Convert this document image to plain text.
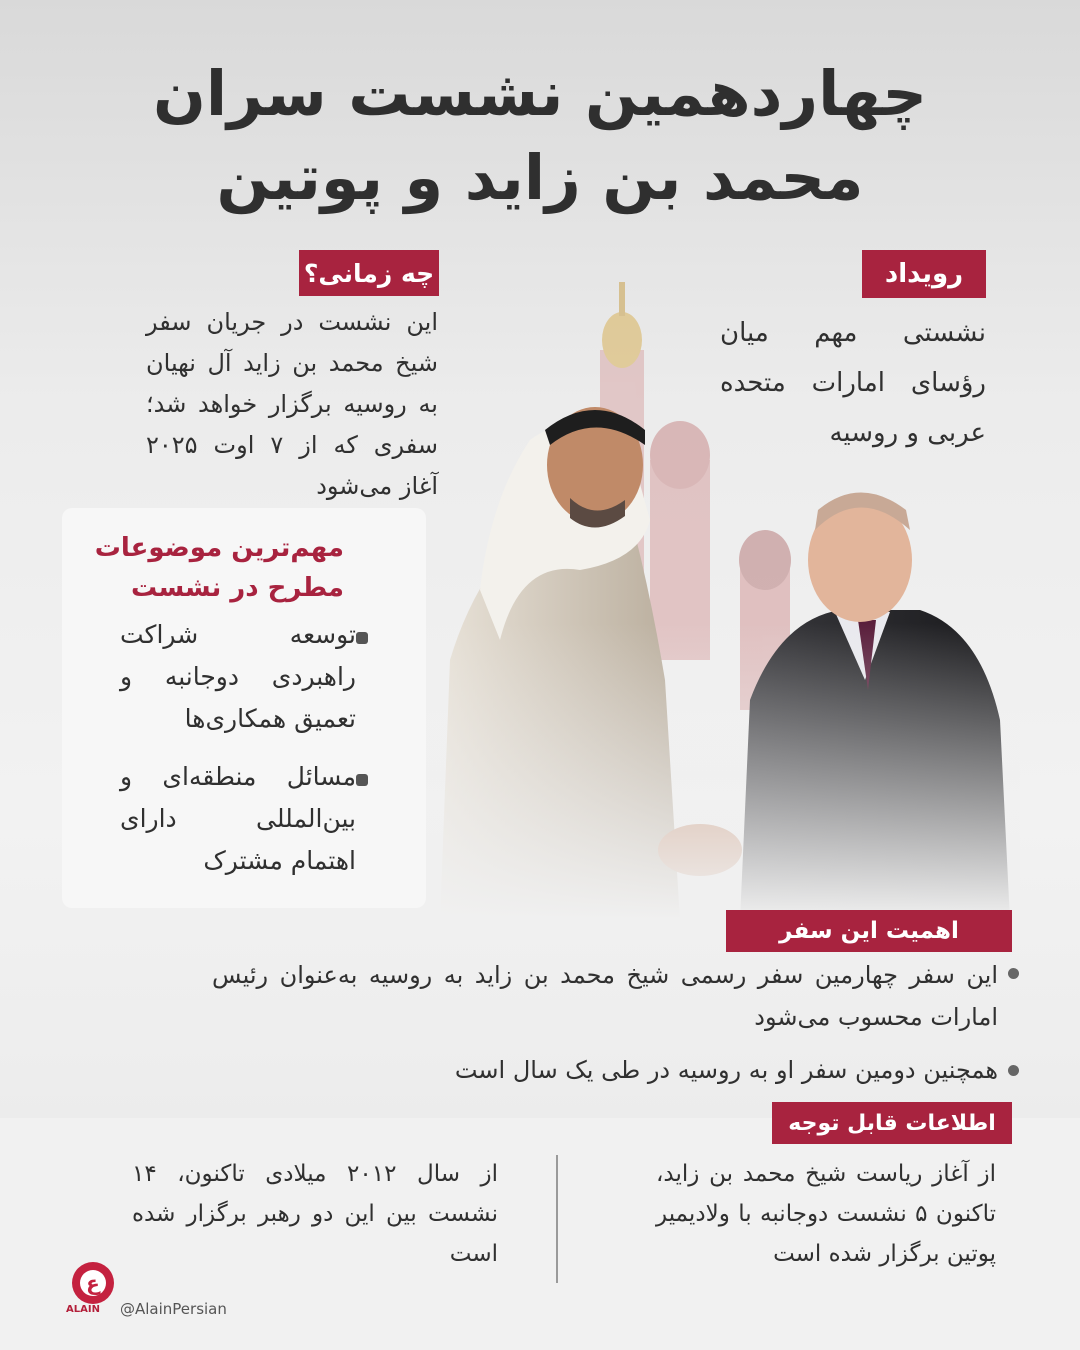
چهاردهمین نشست سران
محمد بن زاید و پوتین
رویداد
نشستی مهم میان رؤسای امارات متحده عربی و روسیه
چه زمانی؟
این نشست در جریان سفر شیخ محمد بن زاید آل نهیان به روسیه برگزار خواهد شد؛ سفری که از ۷ اوت ۲۰۲۵ آغاز می‌شود
مهم‌ترین موضوعات مطرح در نشست
توسعه شراکت راهبردی دوجانبه و تعمیق همکاری‌ها
مسائل منطقه‌ای و بین‌المللی دارای اهتمام مشترک
اهمیت این سفر
این سفر چهارمین سفر رسمی شیخ محمد بن زاید به روسیه به‌عنوان رئیس امارات محسوب می‌شود
همچنین دومین سفر او به روسیه در طی یک سال است
اطلاعات قابل توجه
از آغاز ریاست شیخ محمد بن زاید، تاکنون ۵ نشست دوجانبه با ولادیمیر پوتین برگزار شده است
از سال ۲۰۱۲ میلادی تاکنون، ۱۴ نشست بین این دو رهبر برگزار شده است
ع
ALAIN @AlainPersian
